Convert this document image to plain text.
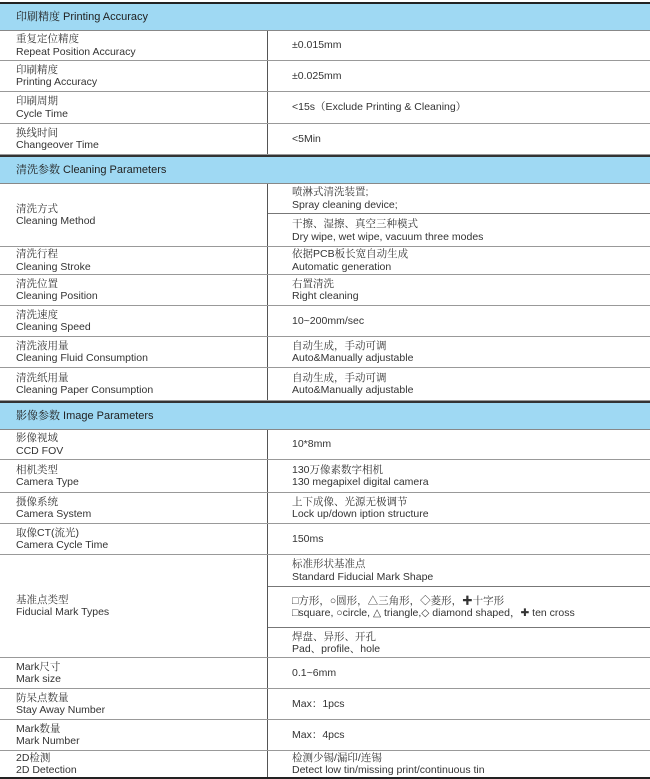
印刷精度 Printing Accuracy
重复定位精度
Repeat Position Accuracy
±0.015mm
印刷精度
Printing Accuracy
±0.025mm
印刷周期
Cycle Time
<15s（Exclude Printing & Cleaning）
换线时间
Changeover Time
<5Min
清洗参数 Cleaning Parameters
清洗方式
Cleaning Method
喷淋式清洗装置;
Spray cleaning device;
干擦、湿擦、真空三种模式
Dry wipe, wet wipe, vacuum three modes
清洗行程
Cleaning Stroke
依据PCB板长宽自动生成
Automatic generation
清洗位置
Cleaning Position
右置清洗
Right cleaning
清洗速度
Cleaning Speed
10~200mm/sec
清洗液用量
Cleaning Fluid Consumption
自动生成，手动可调
Auto&Manually adjustable
清洗纸用量
Cleaning Paper Consumption
自动生成，手动可调
Auto&Manually adjustable
影像参数 Image Parameters
影像视域
CCD FOV
10*8mm
相机类型
Camera Type
130万像素数字相机
130 megapixel digital camera
摄像系统
Camera System
上下成像、光源无极调节
Lock up/down iption structure
取像CT(流光)
Camera Cycle Time
150ms
基准点类型
Fiducial Mark Types
标准形状基准点
Standard Fiducial Mark Shape
□方形，○圆形，△三角形，◇菱形，✚十字形
□square, ○circle, △ triangle,◇ diamond shaped，✚ ten cross
焊盘、异形、开孔
Pad、profile、hole
Mark尺寸
Mark size
0.1~6mm
防呆点数量
Stay Away Number
Max：1pcs
Mark数量
Mark Number
Max：4pcs
2D检测
2D Detection
检测少锡/漏印/连锡
Detect low tin/missing print/continuous tin
